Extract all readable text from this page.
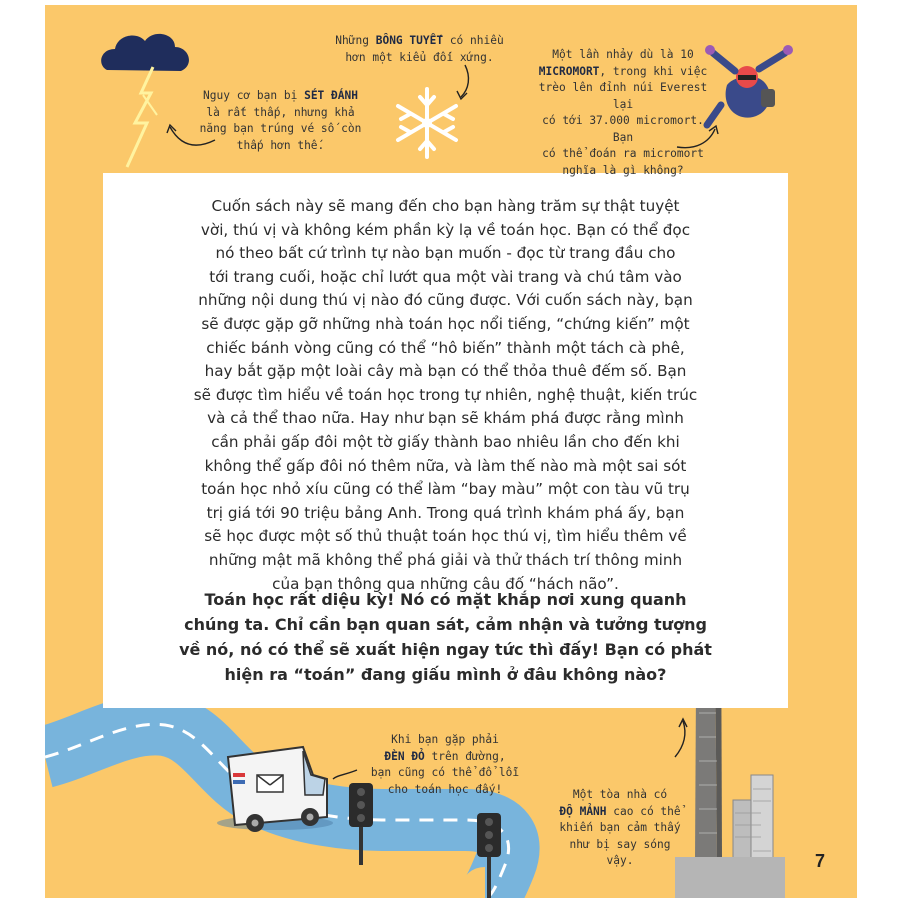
Cuốn sách này sẽ mang đến cho bạn hàng trăm sự thật tuyệt
vời, thú vị và không kém phần kỳ lạ về toán học. Bạn có thể đọc
nó theo bất cứ trình tự nào bạn muốn - đọc từ trang đầu cho
tới trang cuối, hoặc chỉ lướt qua một vài trang và chú tâm vào
những nội dung thú vị nào đó cũng được. Với cuốn sách này, bạn
sẽ được gặp gỡ những nhà toán học nổi tiếng, “chứng kiến” một
chiếc bánh vòng cũng có thể “hô biến” thành một tách cà phê,
hay bắt gặp một loài cây mà bạn có thể thỏa thuê đếm số. Bạn
sẽ được tìm hiểu về toán học trong tự nhiên, nghệ thuật, kiến trúc
và cả thể thao nữa. Hay như bạn sẽ khám phá được rằng mình
cần phải gấp đôi một tờ giấy thành bao nhiêu lần cho đến khi
không thể gấp đôi nó thêm nữa, và làm thế nào mà một sai sót
toán học nhỏ xíu cũng có thể làm “bay màu” một con tàu vũ trụ
trị giá tới 90 triệu bảng Anh. Trong quá trình khám phá ấy, bạn
sẽ học được một số thủ thuật toán học thú vị, tìm hiểu thêm về
những mật mã không thể phá giải và thử thách trí thông minh
của bạn thông qua những câu đố “hách não”.

Toán học rất diệu kỳ! Nó có mặt khắp nơi xung quanh
chúng ta. Chỉ cần bạn quan sát, cảm nhận và tưởng tượng
về nó, nó có thể sẽ xuất hiện ngay tức thì đấy! Bạn có phát
hiện ra “toán” đang giấu mình ở đâu không nào?

Nguy cơ bạn bị SÉT ĐÁNH
là rất thấp, nhưng khả
năng bạn trúng vé số còn
thấp hơn thế.

Những BÔNG TUYẾT có nhiều
hơn một kiểu đối xứng.	Một lần nhảy dù là 10
MICROMORT, trong khi việc
trèo lên đỉnh núi Everest lại
có tới 37.000 micromort. Bạn
có thể đoán ra micromort
nghĩa là gì không?

Khi bạn gặp phải
ĐÈN ĐỎ trên đường,
bạn cũng có thể đổ lỗi
cho toán học đấy!	Một tòa nhà có
ĐỘ MẢNH cao có thể
khiến bạn cảm thấy
như bị say sóng vậy.	7
